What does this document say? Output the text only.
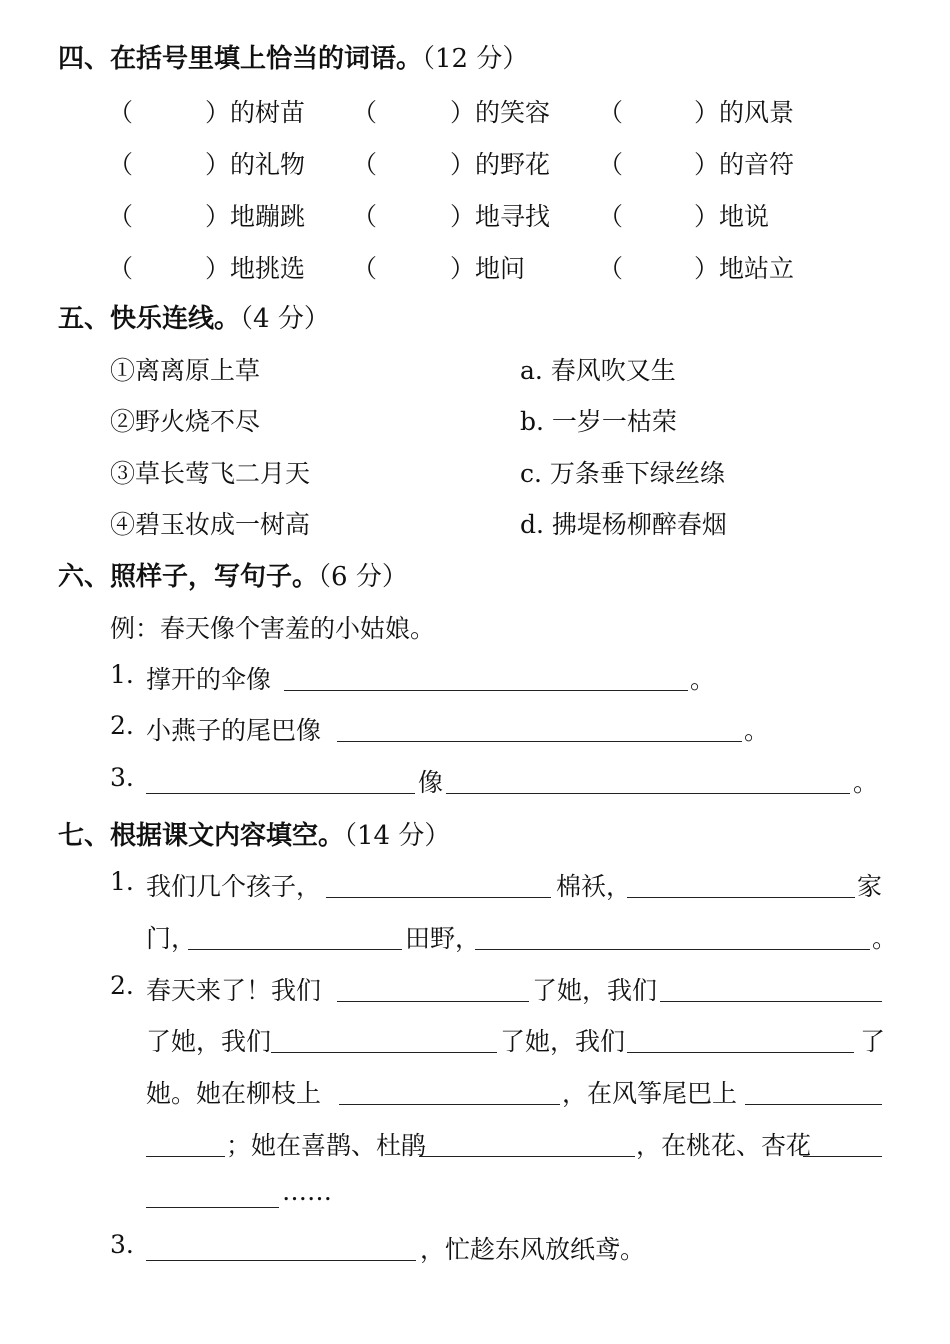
四、在括号里填上恰当的词语。（12 分）
（	）的树苗 （	）的笑容 （	）的风景
（	）的礼物 （	）的野花 （	）的音符
（	）地蹦跳 （	）地寻找 （	）地说
（	）地挑选 （	）地问	（	）地站立
五、快乐连线。（4 分）
①离离原上草
②野火烧不尽
③草长莺飞二月天
④碧玉妆成一树高
a. 春风吹又生
b. 一岁一枯荣
c. 万条垂下绿丝绦
d. 拂堤杨柳醉春烟
六、照样子，写句子。（6 分）
例：春天像个害羞的小姑娘。
1. 撑开的伞像	。
2. 小燕子的尾巴像	。
3.	像	。
七、根据课文内容填空。（14 分）
1. 我们几个孩子，	棉袄，	家
门，	田野，	。
2. 春天来了！我们	了她，我们
了她，我们	了她，我们	了
她。她在柳枝上	，在风筝尾巴上
；她在喜鹊、杜鹃	，在桃花、杏花
……
3.	，忙趁东风放纸鸢。
